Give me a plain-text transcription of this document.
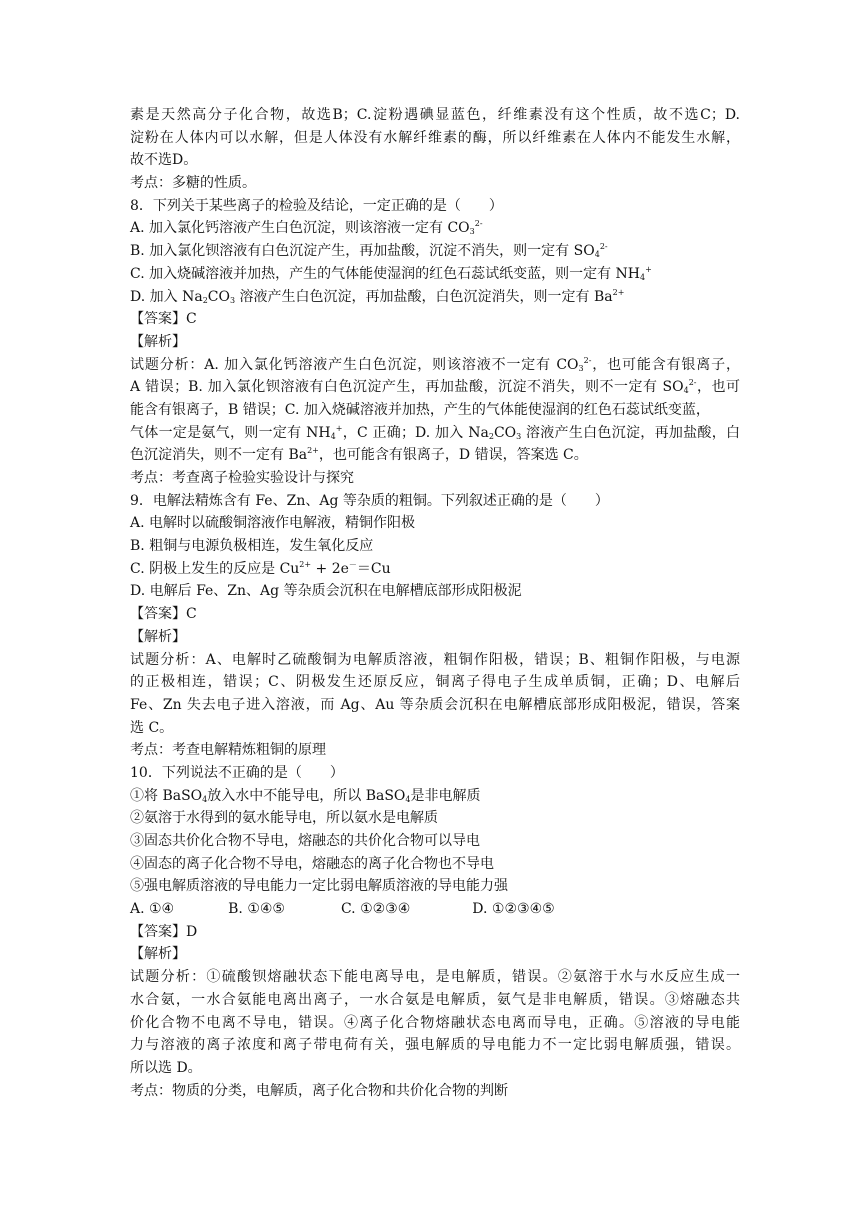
素是天然高分子化合物，故选B；C.淀粉遇碘显蓝色，纤维素没有这个性质，故不选C；D.
淀粉在人体内可以水解，但是人体没有水解纤维素的酶，所以纤维素在人体内不能发生水解，
故不选D。
考点：多糖的性质。
8．下列关于某些离子的检验及结论，一定正确的是（　　）
A. 加入氯化钙溶液产生白色沉淀，则该溶液一定有 $CO_3^{2-}$
B. 加入氯化钡溶液有白色沉淀产生，再加盐酸，沉淀不消失，则一定有 $SO_4^{2-}$
C. 加入烧碱溶液并加热，产生的气体能使湿润的红色石蕊试纸变蓝，则一定有 $NH_4^+$
D. 加入 $Na_2CO_3$ 溶液产生白色沉淀，再加盐酸，白色沉淀消失，则一定有 $Ba^{2+}$
【答案】C
【解析】
试题分析：A. 加入氯化钙溶液产生白色沉淀，则该溶液不一定有 $CO_3^{2-}$，也可能含有银离子，
A 错误；B. 加入氯化钡溶液有白色沉淀产生，再加盐酸，沉淀不消失，则不一定有 $SO_4^{2-}$，也可
能含有银离子，B 错误；C. 加入烧碱溶液并加热，产生的气体能使湿润的红色石蕊试纸变蓝，
气体一定是氨气，则一定有 $NH_4^+$，C 正确；D. 加入 $Na_2CO_3$ 溶液产生白色沉淀，再加盐酸，白
色沉淀消失，则不一定有 $Ba^{2+}$，也可能含有银离子，D 错误，答案选 C。
考点：考查离子检验实验设计与探究
9．电解法精炼含有 Fe、Zn、Ag 等杂质的粗铜。下列叙述正确的是（　　）
A. 电解时以硫酸铜溶液作电解液，精铜作阳极
B. 粗铜与电源负极相连，发生氧化反应
C. 阴极上发生的反应是 $Cu^{2+} + 2e^-=Cu$
D. 电解后 Fe、Zn、Ag 等杂质会沉积在电解槽底部形成阳极泥
【答案】C
【解析】
试题分析：A、电解时乙硫酸铜为电解质溶液，粗铜作阳极，错误；B、粗铜作阳极，与电源
的正极相连，错误；C、阴极发生还原反应，铜离子得电子生成单质铜，正确；D、电解后
Fe、Zn 失去电子进入溶液，而 Ag、Au 等杂质会沉积在电解槽底部形成阳极泥，错误，答案
选 C。
考点：考查电解精炼粗铜的原理
10．下列说法不正确的是（　　）
①将 BaSO$_4$放入水中不能导电，所以 BaSO$_4$是非电解质
②氨溶于水得到的氨水能导电，所以氨水是电解质
③固态共价化合物不导电，熔融态的共价化合物可以导电
④固态的离子化合物不导电，熔融态的离子化合物也不导电
⑤强电解质溶液的导电能力一定比弱电解质溶液的导电能力强
A. ①④	B. ①④⑤	C. ①②③④	D. ①②③④⑤
【答案】D
【解析】
试题分析：①硫酸钡熔融状态下能电离导电，是电解质，错误。②氨溶于水与水反应生成一
水合氨，一水合氨能电离出离子，一水合氨是电解质，氨气是非电解质，错误。③熔融态共
价化合物不电离不导电，错误。④离子化合物熔融状态电离而导电，正确。⑤溶液的导电能
力与溶液的离子浓度和离子带电荷有关，强电解质的导电能力不一定比弱电解质强，错误。
所以选 D。
考点：物质的分类，电解质，离子化合物和共价化合物的判断
